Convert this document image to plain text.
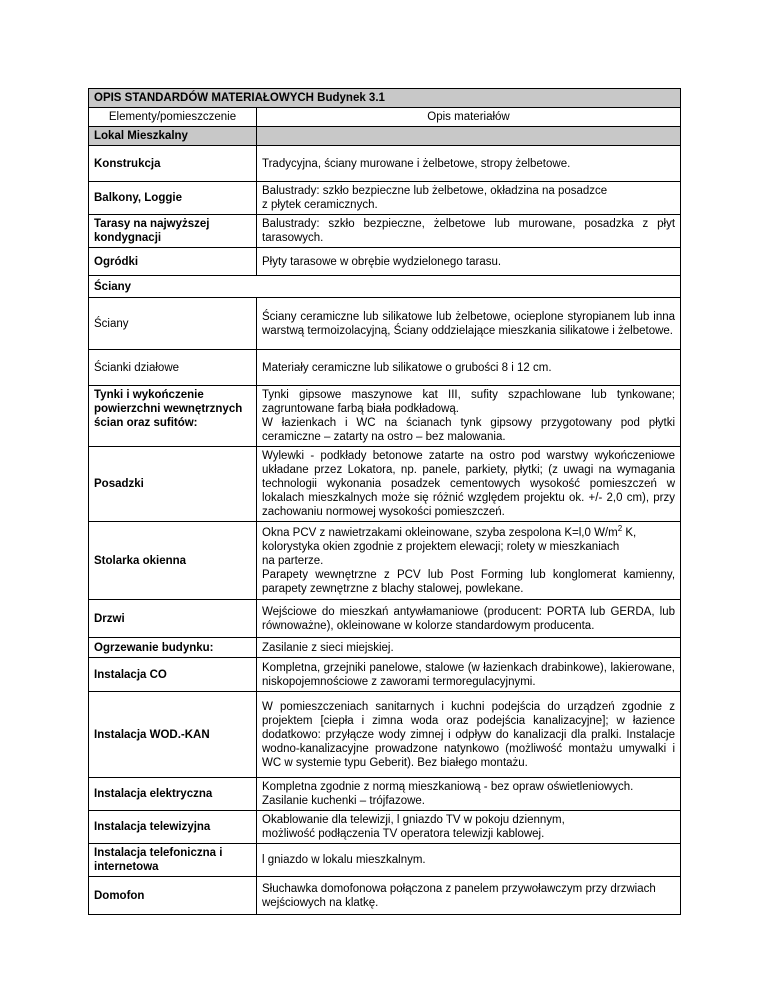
OPIS STANDARDÓW MATERIAŁOWYCH Budynek 3.1	
Elementy/pomieszczenie	Opis materiałów
Lokal Mieszkalny	
Konstrukcja	Tradycyjna, ściany murowane i żelbetowe, stropy żelbetowe.
Balkony, Loggie	Balustrady: szkło bezpieczne lub żelbetowe, okładzina na posadzce
z płytek ceramicznych.
Tarasy na najwyższej kondygnacji	Balustrady: szkło bezpieczne, żelbetowe lub murowane, posadzka z płyt tarasowych.
Ogródki	Płyty tarasowe w obrębie wydzielonego tarasu.
Ściany	
Ściany	Ściany ceramiczne lub silikatowe lub żelbetowe, ocieplone styropianem lub inna warstwą termoizolacyjną, Ściany oddzielające mieszkania silikatowe i żelbetowe.
Ścianki działowe	Materiały ceramiczne lub silikatowe o grubości 8 i 12 cm.
Tynki i wykończenie powierzchni wewnętrznych ścian oraz sufitów:	Tynki gipsowe maszynowe kat III, sufity szpachlowane lub tynkowane; zagruntowane farbą biała podkładową.
W łazienkach i WC na ścianach tynk gipsowy przygotowany pod płytki ceramiczne – zatarty na ostro – bez malowania.
Posadzki	Wylewki - podkłady betonowe zatarte na ostro pod warstwy wykończeniowe układane przez Lokatora, np. panele, parkiety, płytki; (z uwagi na wymagania technologii wykonania posadzek cementowych wysokość pomieszczeń w lokalach mieszkalnych może się różnić względem projektu ok. +/- 2,0 cm), przy zachowaniu normowej wysokości pomieszczeń.
Stolarka okienna	Okna PCV z nawietrzakami okleinowane, szyba zespolona K=l,0 $W/m^2$ K,
kolorystyka okien zgodnie z projektem elewacji; rolety w mieszkaniach
na parterze.
Parapety wewnętrzne z PCV lub Post Forming lub konglomerat kamienny, parapety zewnętrzne z blachy stalowej, powlekane.
Drzwi	Wejściowe do mieszkań antywłamaniowe (producent: PORTA lub GERDA, lub równoważne), okleinowane w kolorze standardowym producenta.
Ogrzewanie budynku:	Zasilanie z sieci miejskiej.
Instalacja CO	Kompletna, grzejniki panelowe, stalowe (w łazienkach drabinkowe), lakierowane, niskopojemnościowe z zaworami termoregulacyjnymi.
Instalacja WOD.-KAN	W pomieszczeniach sanitarnych i kuchni podejścia do urządzeń zgodnie z projektem [ciepła i zimna woda oraz podejścia kanalizacyjne]; w łazience dodatkowo: przyłącze wody zimnej i odpływ do kanalizacji dla pralki. Instalacje wodno-kanalizacyjne prowadzone natynkowo (możliwość montażu umywalki i WC w systemie typu Geberit). Bez białego montażu.
Instalacja elektryczna	Kompletna zgodnie z normą mieszkaniową - bez opraw oświetleniowych.
Zasilanie kuchenki – trójfazowe.
Instalacja telewizyjna	Okablowanie dla telewizji, l gniazdo TV w pokoju dziennym,
możliwość podłączenia TV operatora telewizji kablowej.
Instalacja telefoniczna i internetowa	l gniazdo w lokalu mieszkalnym.
Domofon	Słuchawka domofonowa połączona z panelem przywoławczym przy drzwiach wejściowych na klatkę.
